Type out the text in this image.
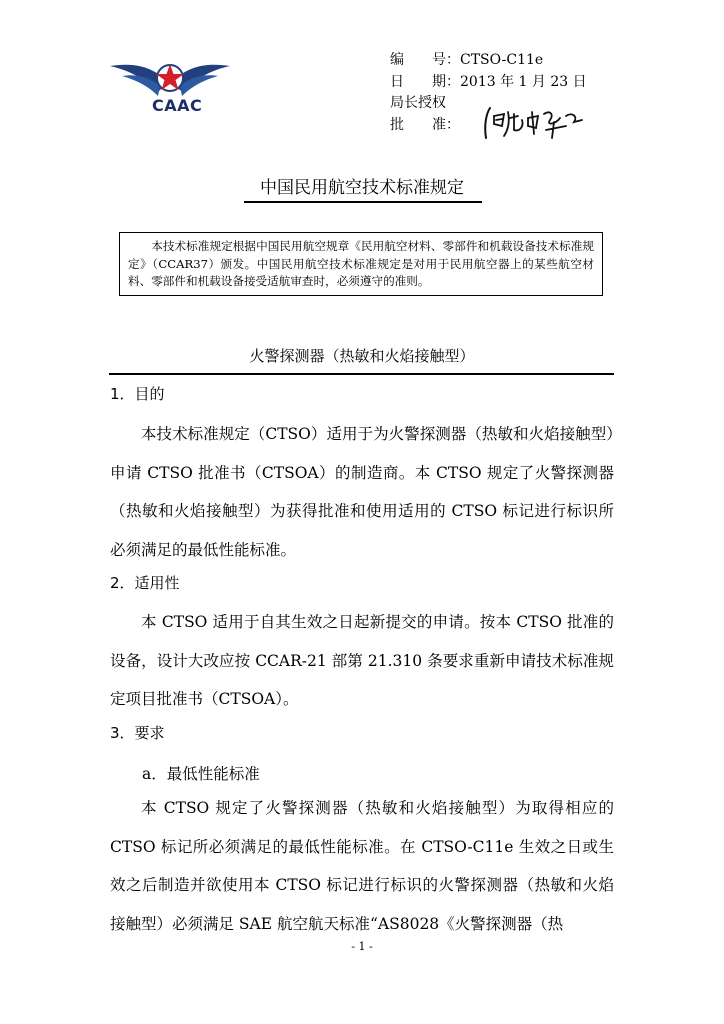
CAAC
编　　号： CTSO-C11e
日　　期： 2013 年 1 月 23 日
局长授权
批　　准：
中国民用航空技术标准规定
本技术标准规定根据中国民用航空规章《民用航空材料、零部件和机载设备技术标准规定》（CCAR37）颁发。中国民用航空技术标准规定是对用于民用航空器上的某些航空材料、零部件和机载设备接受适航审查时，必须遵守的准则。
火警探测器（热敏和火焰接触型）
1．目的

本技术标准规定（CTSO）适用于为火警探测器（热敏和火焰接触型）申请 CTSO 批准书（CTSOA）的制造商。本 CTSO 规定了火警探测器（热敏和火焰接触型）为获得批准和使用适用的 CTSO 标记进行标识所必须满足的最低性能标准。

2．适用性

本 CTSO 适用于自其生效之日起新提交的申请。按本 CTSO 批准的设备，设计大改应按 CCAR-21 部第 21.310 条要求重新申请技术标准规定项目批准书（CTSOA）。

3．要求
a．最低性能标准

本 CTSO 规定了火警探测器（热敏和火焰接触型）为取得相应的 CTSO 标记所必须满足的最低性能标准。在 CTSO-C11e 生效之日或生效之后制造并欲使用本 CTSO 标记进行标识的火警探测器（热敏和火焰接触型）必须满足 SAE 航空航天标准“AS8028《火警探测器（热

- 1 -
